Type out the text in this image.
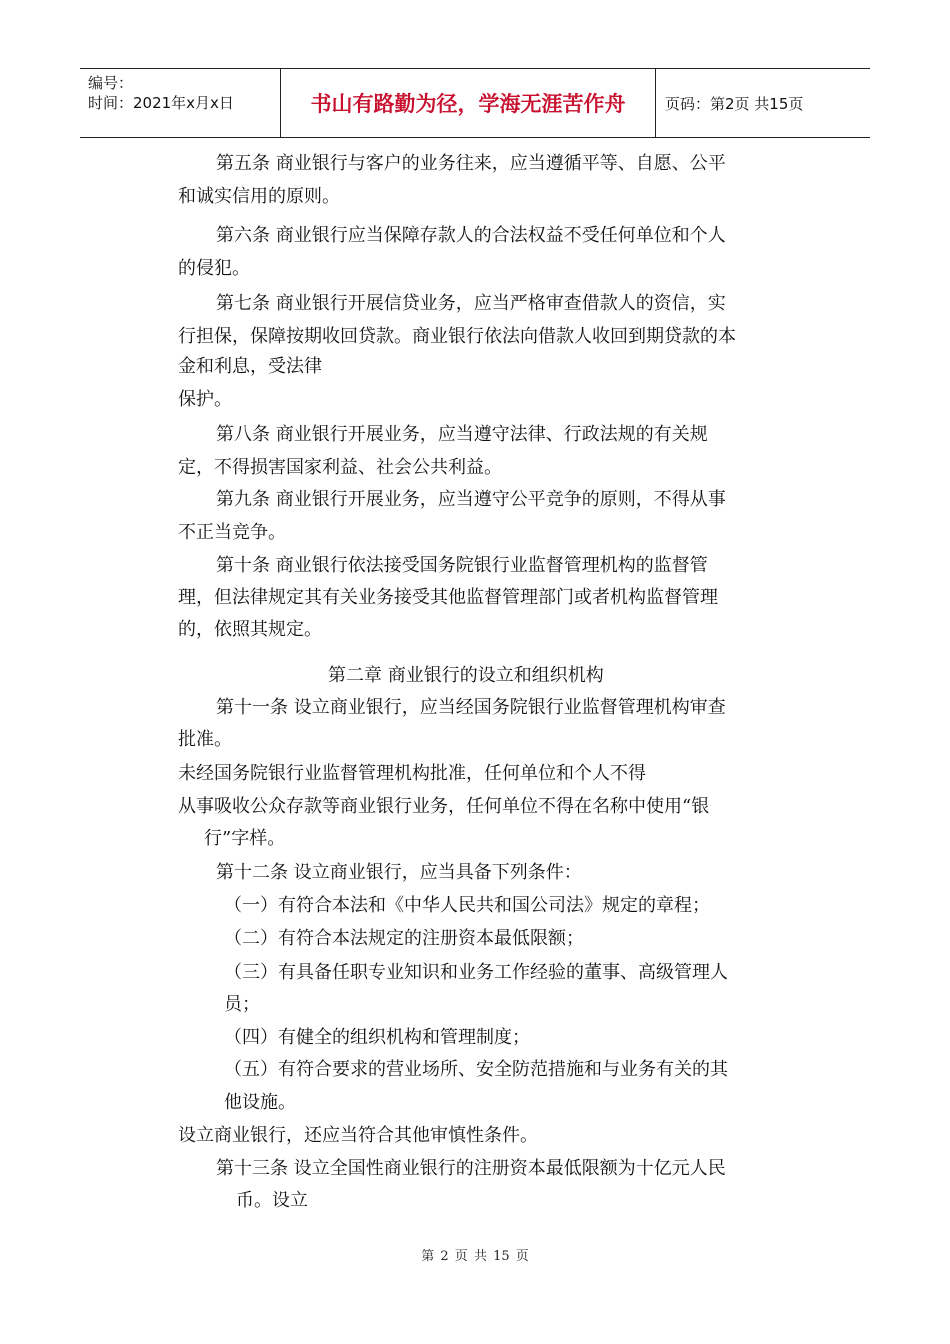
编号：
时间：2021年x月x日	书山有路勤为径，学海无涯苦作舟	页码：第2页 共15页
第五条 商业银行与客户的业务往来，应当遵循平等、自愿、公平
和诚实信用的原则。
第六条 商业银行应当保障存款人的合法权益不受任何单位和个人
的侵犯。
第七条 商业银行开展信贷业务，应当严格审查借款人的资信，实
行担保，保障按期收回贷款。商业银行依法向借款人收回到期贷款的本
金和利息，受法律
保护。
第八条 商业银行开展业务，应当遵守法律、行政法规的有关规
定，不得损害国家利益、社会公共利益。
第九条 商业银行开展业务，应当遵守公平竞争的原则，不得从事
不正当竞争。
第十条 商业银行依法接受国务院银行业监督管理机构的监督管
理，但法律规定其有关业务接受其他监督管理部门或者机构监督管理
的，依照其规定。
第二章 商业银行的设立和组织机构
第十一条 设立商业银行，应当经国务院银行业监督管理机构审查
批准。
未经国务院银行业监督管理机构批准，任何单位和个人不得
从事吸收公众存款等商业银行业务，任何单位不得在名称中使用“银
行”字样。
第十二条 设立商业银行，应当具备下列条件：
（一）有符合本法和《中华人民共和国公司法》规定的章程；
（二）有符合本法规定的注册资本最低限额；
（三）有具备任职专业知识和业务工作经验的董事、高级管理人
员；
（四）有健全的组织机构和管理制度；
（五）有符合要求的营业场所、安全防范措施和与业务有关的其
他设施。
设立商业银行，还应当符合其他审慎性条件。
第十三条 设立全国性商业银行的注册资本最低限额为十亿元人民
币。设立
第 2 页 共 15 页
